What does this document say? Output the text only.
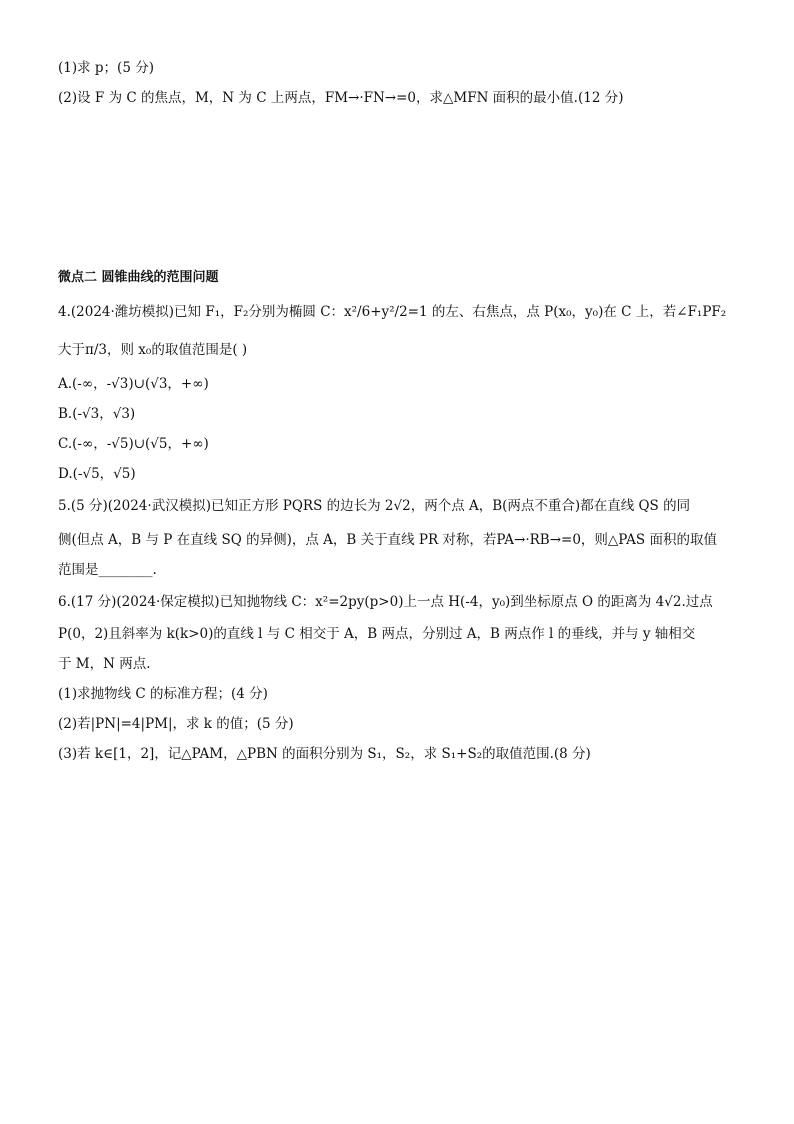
(1)求 p；(5 分)
(2)设 F 为 C 的焦点，M，N 为 C 上两点，FM→·FN→=0，求△MFN 面积的最小值.(12 分)
微点二 圆锥曲线的范围问题
4.(2024·潍坊模拟)已知 F₁，F₂分别为椭圆 C：x²/6+y²/2=1 的左、右焦点，点 P(x₀，y₀)在 C 上，若∠F₁PF₂
大于π/3，则 x₀的取值范围是( )
A.(-∞，-√3)∪(√3，+∞)
B.(-√3，√3)
C.(-∞，-√5)∪(√5，+∞)
D.(-√5，√5)
5.(5 分)(2024·武汉模拟)已知正方形 PQRS 的边长为 2√2，两个点 A，B(两点不重合)都在直线 QS 的同
侧(但点 A，B 与 P 在直线 SQ 的异侧)，点 A，B 关于直线 PR 对称，若PA→·RB→=0，则△PAS 面积的取值
范围是________.
6.(17 分)(2024·保定模拟)已知抛物线 C：x²=2py(p>0)上一点 H(-4，y₀)到坐标原点 O 的距离为 4√2.过点
P(0，2)且斜率为 k(k>0)的直线 l 与 C 相交于 A，B 两点，分别过 A，B 两点作 l 的垂线，并与 y 轴相交
于 M，N 两点.
(1)求抛物线 C 的标准方程；(4 分)
(2)若|PN|=4|PM|，求 k 的值；(5 分)
(3)若 k∈[1，2]，记△PAM，△PBN 的面积分别为 S₁，S₂，求 S₁+S₂的取值范围.(8 分)
